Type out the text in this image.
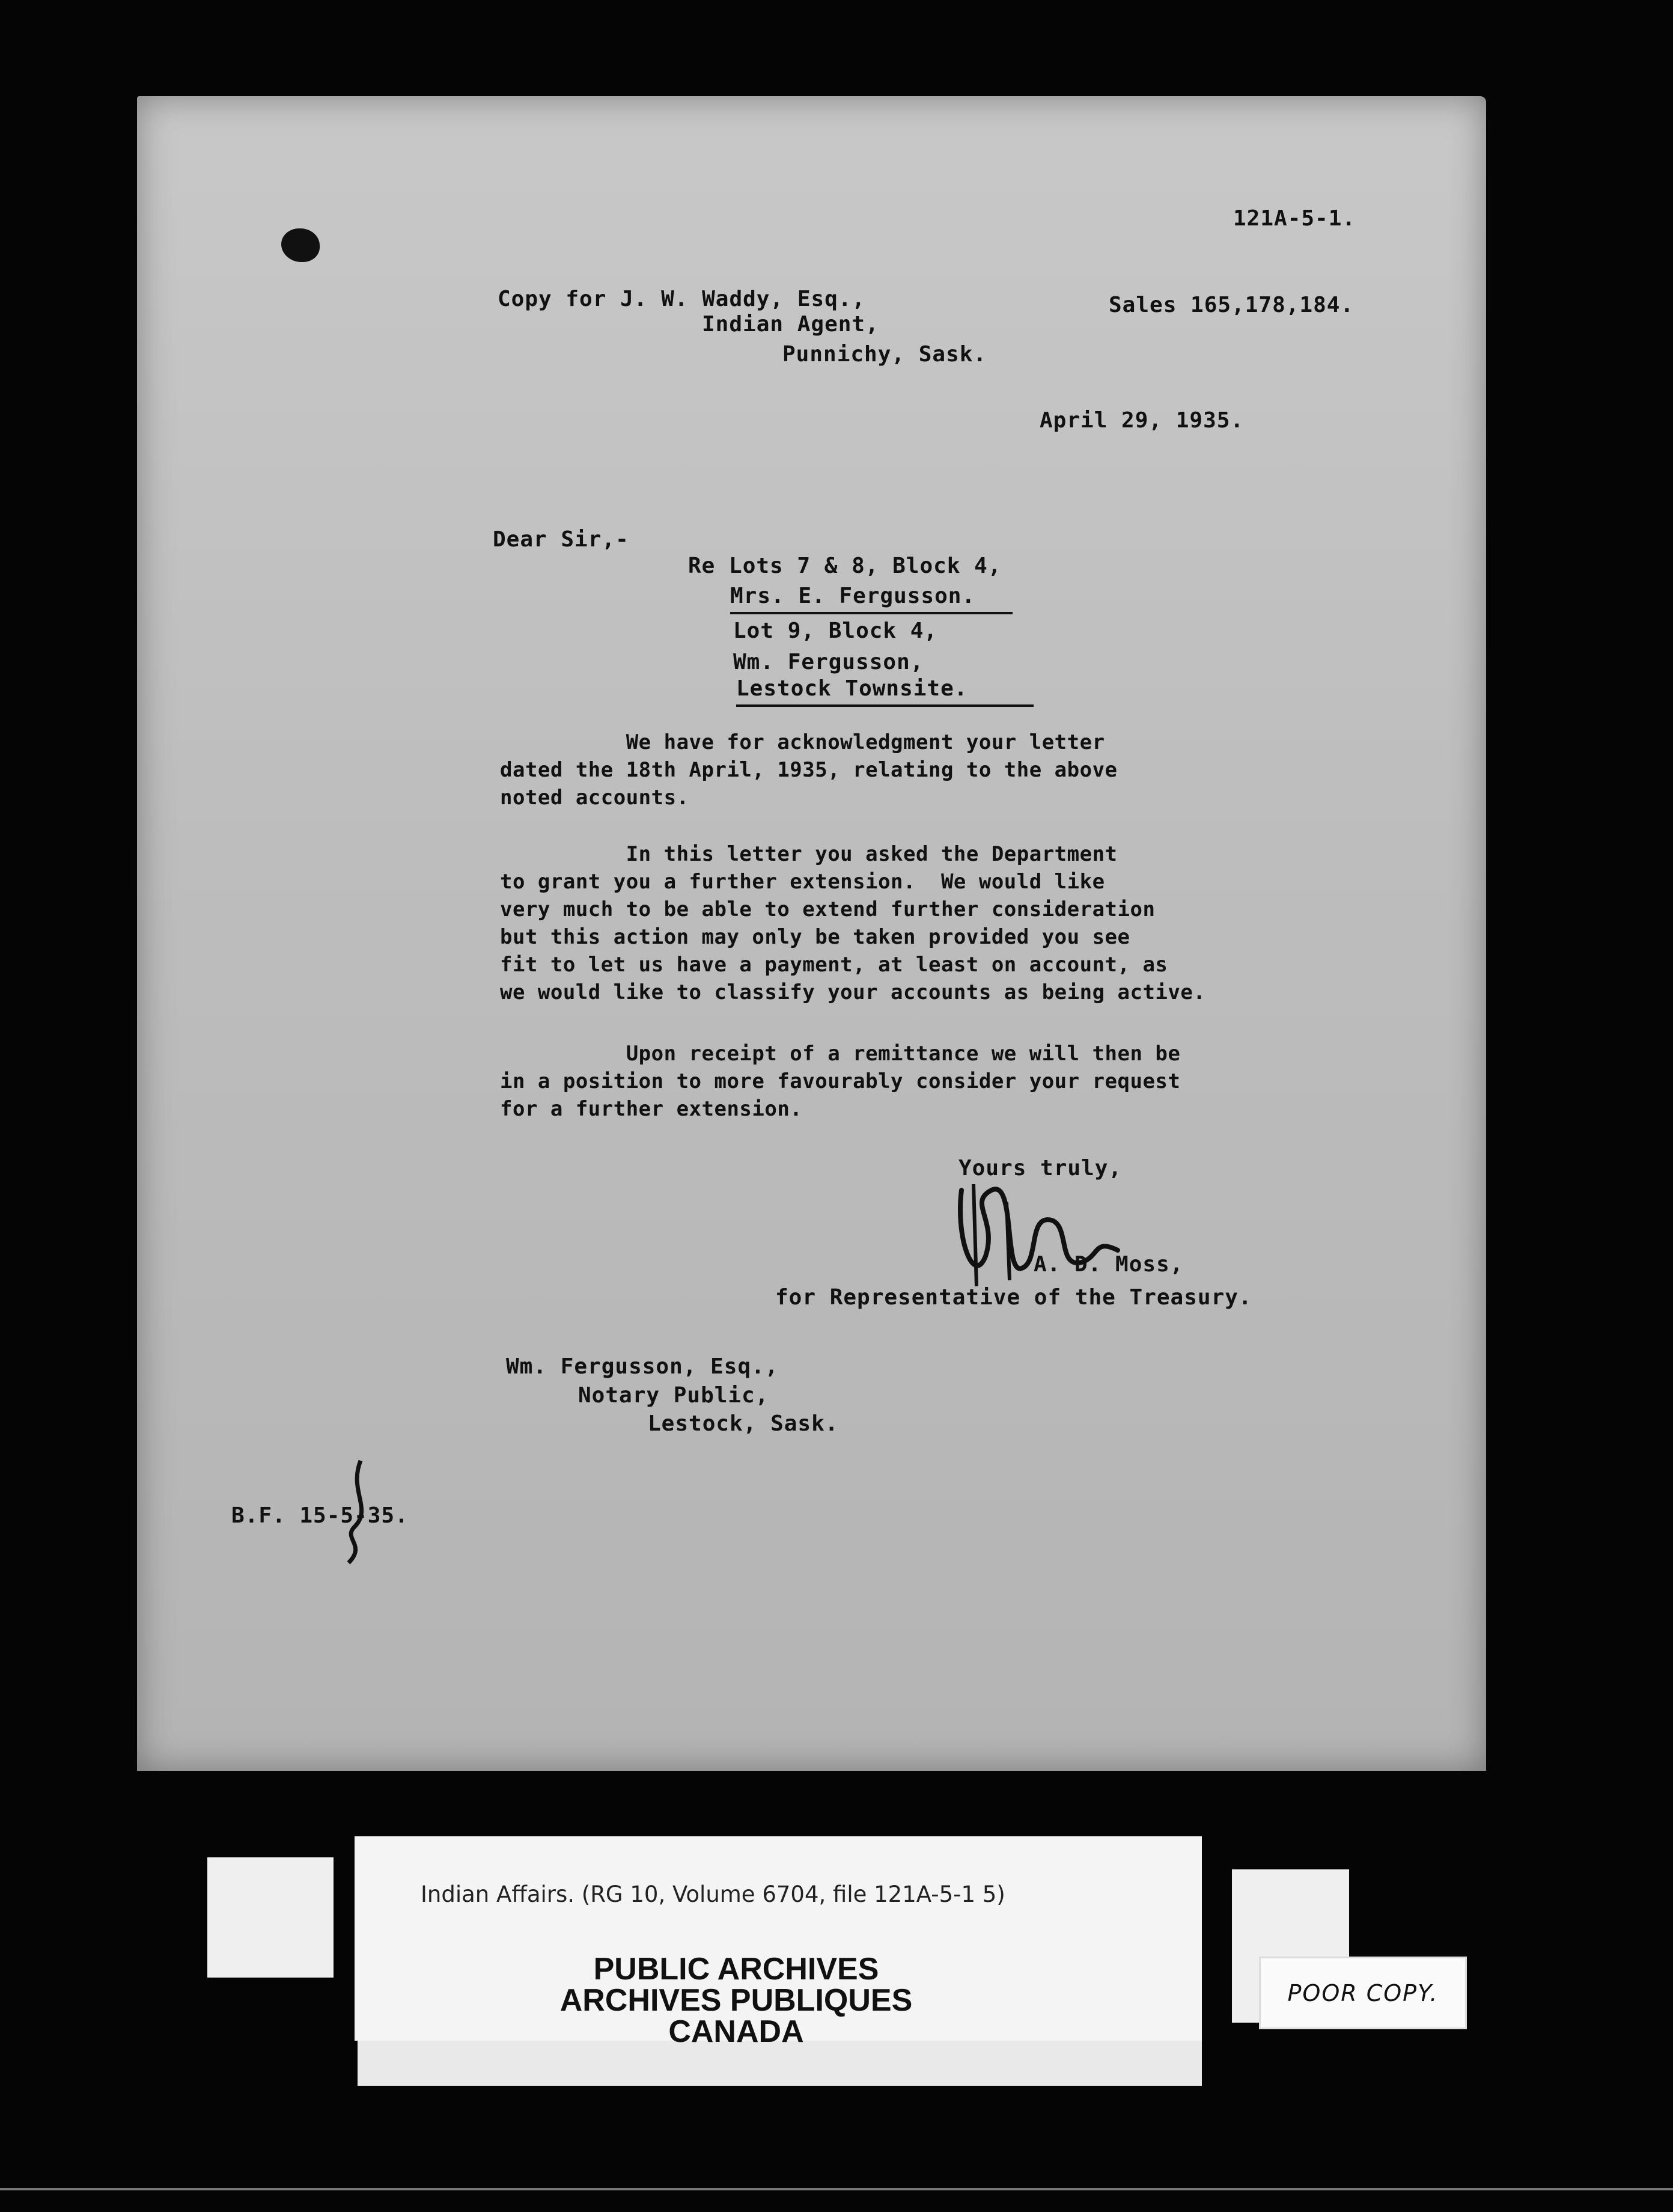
121A-5-1.
Copy for J. W. Waddy, Esq.,
Indian Agent,
Punnichy, Sask.
Sales 165,178,184.
April 29, 1935.
Dear Sir,-
Re Lots 7 & 8, Block 4,
Mrs. E. Fergusson.
Lot 9, Block 4,
Wm. Fergusson,
Lestock Townsite.
We have for acknowledgment your letter
dated the 18th April, 1935, relating to the above
noted accounts.
In this letter you asked the Department
to grant you a further extension.  We would like
very much to be able to extend further consideration
but this action may only be taken provided you see
fit to let us have a payment, at least on account, as
we would like to classify your accounts as being active.
Upon receipt of a remittance we will then be
in a position to more favourably consider your request
for a further extension.
Yours truly,
A. D. Moss,
for Representative of the Treasury.
Wm. Fergusson, Esq.,
Notary Public,
Lestock, Sask.
B.F. 15-5-35.
Indian Affairs. (RG 10, Volume 6704, file 121A-5-1 5)
PUBLIC ARCHIVES
ARCHIVES PUBLIQUES
CANADA
POOR COPY.
